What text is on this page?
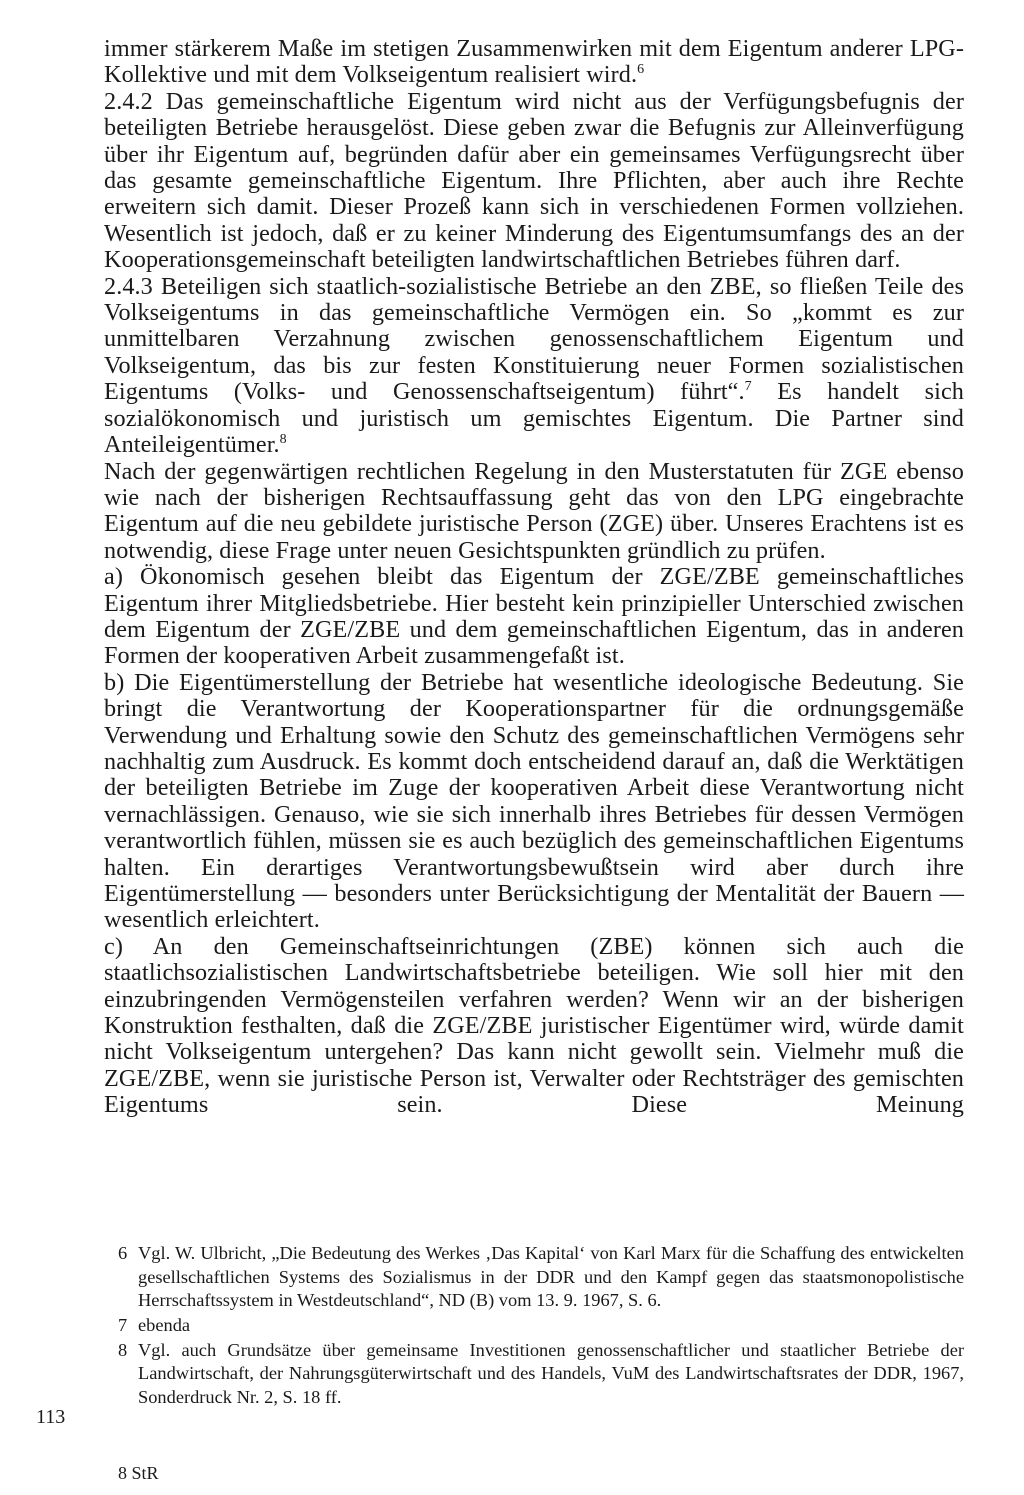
immer stärkerem Maße im stetigen Zusammenwirken mit dem Eigentum anderer LPG-Kollektive und mit dem Volkseigentum realisiert wird.$^6$

2.4.2 Das gemeinschaftliche Eigentum wird nicht aus der Verfügungsbefugnis der beteiligten Betriebe herausgelöst. Diese geben zwar die Befugnis zur Alleinverfügung über ihr Eigentum auf, begründen dafür aber ein gemeinsames Verfügungsrecht über das gesamte gemeinschaftliche Eigentum. Ihre Pflichten, aber auch ihre Rechte erweitern sich damit. Dieser Prozeß kann sich in verschiedenen Formen vollziehen. Wesentlich ist jedoch, daß er zu keiner Minderung des Eigentumsumfangs des an der Kooperationsgemeinschaft beteiligten landwirtschaftlichen Betriebes führen darf.

2.4.3 Beteiligen sich staatlich-sozialistische Betriebe an den ZBE, so fließen Teile des Volkseigentums in das gemeinschaftliche Vermögen ein. So „kommt es zur unmittelbaren Verzahnung zwischen genossenschaftlichem Eigentum und Volkseigentum, das bis zur festen Konstituierung neuer Formen sozialistischen Eigentums (Volks- und Genossenschaftseigentum) führt“.$^7$ Es handelt sich sozialökonomisch und juristisch um gemischtes Eigentum. Die Partner sind Anteileigentümer.$^8$

Nach der gegenwärtigen rechtlichen Regelung in den Musterstatuten für ZGE ebenso wie nach der bisherigen Rechtsauffassung geht das von den LPG eingebrachte Eigentum auf die neu gebildete juristische Person (ZGE) über. Unseres Erachtens ist es notwendig, diese Frage unter neuen Gesichtspunkten gründlich zu prüfen.

a) Ökonomisch gesehen bleibt das Eigentum der ZGE/ZBE gemeinschaftliches Eigentum ihrer Mitgliedsbetriebe. Hier besteht kein prinzipieller Unterschied zwischen dem Eigentum der ZGE/ZBE und dem gemeinschaftlichen Eigentum, das in anderen Formen der kooperativen Arbeit zusammengefaßt ist.

b) Die Eigentümerstellung der Betriebe hat wesentliche ideologische Bedeutung. Sie bringt die Verantwortung der Kooperationspartner für die ordnungsgemäße Verwendung und Erhaltung sowie den Schutz des gemeinschaftlichen Vermögens sehr nachhaltig zum Ausdruck. Es kommt doch entscheidend darauf an, daß die Werktätigen der beteiligten Betriebe im Zuge der kooperativen Arbeit diese Verantwortung nicht vernachlässigen. Genauso, wie sie sich innerhalb ihres Betriebes für dessen Vermögen verantwortlich fühlen, müssen sie es auch bezüglich des gemeinschaftlichen Eigentums halten. Ein derartiges Verantwortungsbewußtsein wird aber durch ihre Eigentümerstellung — besonders unter Berücksichtigung der Mentalität der Bauern — wesentlich erleichtert.

c) An den Gemeinschaftseinrichtungen (ZBE) können sich auch die staatlichsozialistischen Landwirtschaftsbetriebe beteiligen. Wie soll hier mit den einzubringenden Vermögensteilen verfahren werden? Wenn wir an der bisherigen Konstruktion festhalten, daß die ZGE/ZBE juristischer Eigentümer wird, würde damit nicht Volkseigentum untergehen? Das kann nicht gewollt sein. Vielmehr muß die ZGE/ZBE, wenn sie juristische Person ist, Verwalter oder Rechtsträger des gemischten Eigentums sein. Diese Meinung

6 Vgl. W. Ulbricht, „Die Bedeutung des Werkes ‚Das Kapital‘ von Karl Marx für die Schaffung des entwickelten gesellschaftlichen Systems des Sozialismus in der DDR und den Kampf gegen das staatsmonopolistische Herrschaftssystem in Westdeutschland“, ND (B) vom 13. 9. 1967, S. 6.
7 ebenda
8 Vgl. auch Grundsätze über gemeinsame Investitionen genossenschaftlicher und staatlicher Betriebe der Landwirtschaft, der Nahrungsgüterwirtschaft und des Handels, VuM des Landwirtschaftsrates der DDR, 1967, Sonderdruck Nr. 2, S. 18 ff.
113
8 StR
